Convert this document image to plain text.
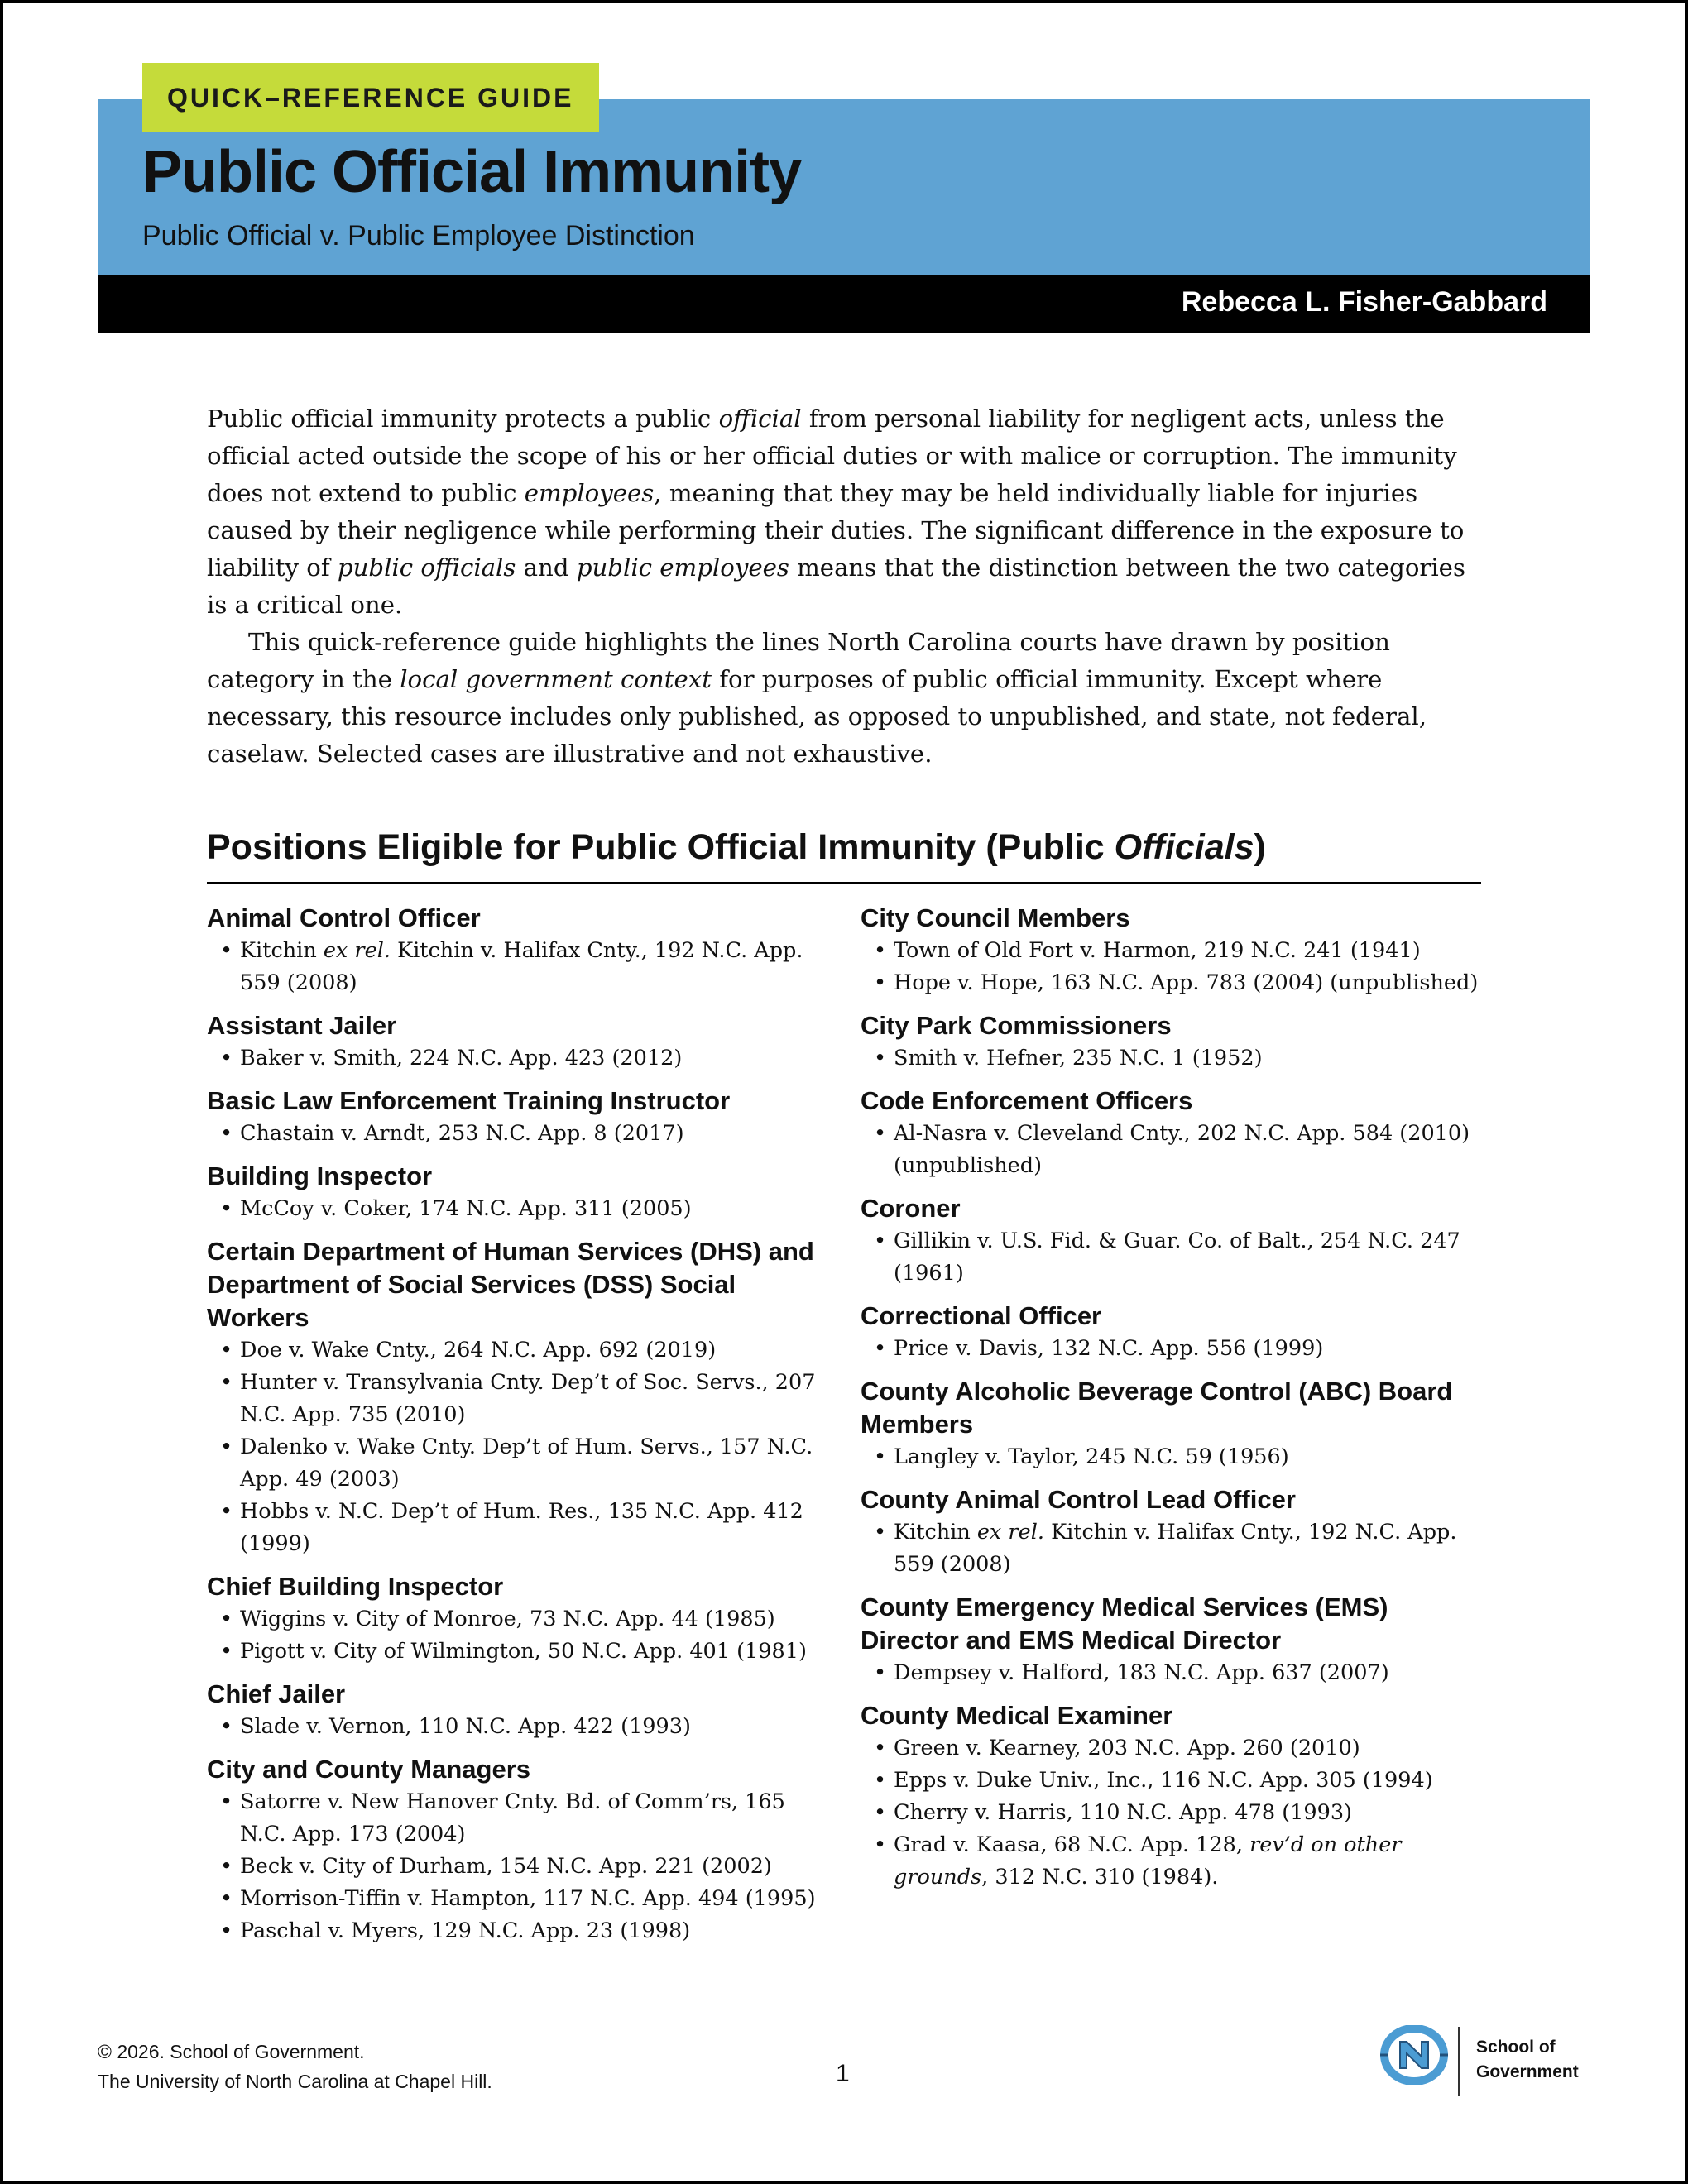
QUICK–REFERENCE GUIDE
Public Official Immunity
Public Official v. Public Employee Distinction
Rebecca L. Fisher-Gabbard

Public official immunity protects a public official from personal liability for negligent acts, unless the official acted outside the scope of his or her official duties or with malice or corruption. The immunity does not extend to public employees, meaning that they may be held individually liable for injuries caused by their negligence while performing their duties. The significant difference in the exposure to liability of public officials and public employees means that the distinction between the two categories is a critical one.

This quick-reference guide highlights the lines North Carolina courts have drawn by position category in the local government context for purposes of public official immunity. Except where necessary, this resource includes only published, as opposed to unpublished, and state, not federal, caselaw. Selected cases are illustrative and not exhaustive.

Positions Eligible for Public Official Immunity (Public Officials)
Animal Control Officer
• Kitchin ex rel. Kitchin v. Halifax Cnty., 192 N.C. App. 559 (2008)
Assistant Jailer
• Baker v. Smith, 224 N.C. App. 423 (2012)
Basic Law Enforcement Training Instructor
• Chastain v. Arndt, 253 N.C. App. 8 (2017)
Building Inspector
• McCoy v. Coker, 174 N.C. App. 311 (2005)
Certain Department of Human Services (DHS) and Department of Social Services (DSS) Social Workers
• Doe v. Wake Cnty., 264 N.C. App. 692 (2019)
• Hunter v. Transylvania Cnty. Dep’t of Soc. Servs., 207 N.C. App. 735 (2010)
• Dalenko v. Wake Cnty. Dep’t of Hum. Servs., 157 N.C. App. 49 (2003)
• Hobbs v. N.C. Dep’t of Hum. Res., 135 N.C. App. 412 (1999)
Chief Building Inspector
• Wiggins v. City of Monroe, 73 N.C. App. 44 (1985)
• Pigott v. City of Wilmington, 50 N.C. App. 401 (1981)
Chief Jailer
• Slade v. Vernon, 110 N.C. App. 422 (1993)
City and County Managers
• Satorre v. New Hanover Cnty. Bd. of Comm’rs, 165 N.C. App. 173 (2004)
• Beck v. City of Durham, 154 N.C. App. 221 (2002)
• Morrison-Tiffin v. Hampton, 117 N.C. App. 494 (1995)
• Paschal v. Myers, 129 N.C. App. 23 (1998)
City Council Members
• Town of Old Fort v. Harmon, 219 N.C. 241 (1941)
• Hope v. Hope, 163 N.C. App. 783 (2004) (unpublished)
City Park Commissioners
• Smith v. Hefner, 235 N.C. 1 (1952)
Code Enforcement Officers
• Al-Nasra v. Cleveland Cnty., 202 N.C. App. 584 (2010) (unpublished)
Coroner
• Gillikin v. U.S. Fid. & Guar. Co. of Balt., 254 N.C. 247 (1961)
Correctional Officer
• Price v. Davis, 132 N.C. App. 556 (1999)
County Alcoholic Beverage Control (ABC) Board Members
• Langley v. Taylor, 245 N.C. 59 (1956)
County Animal Control Lead Officer
• Kitchin ex rel. Kitchin v. Halifax Cnty., 192 N.C. App. 559 (2008)
County Emergency Medical Services (EMS) Director and EMS Medical Director
• Dempsey v. Halford, 183 N.C. App. 637 (2007)
County Medical Examiner
• Green v. Kearney, 203 N.C. App. 260 (2010)
• Epps v. Duke Univ., Inc., 116 N.C. App. 305 (1994)
• Cherry v. Harris, 110 N.C. App. 478 (1993)
• Grad v. Kaasa, 68 N.C. App. 128, rev’d on other grounds, 312 N.C. 310 (1984).
© 2026. School of Government.
The University of North Carolina at Chapel Hill.	1
School of
Government
